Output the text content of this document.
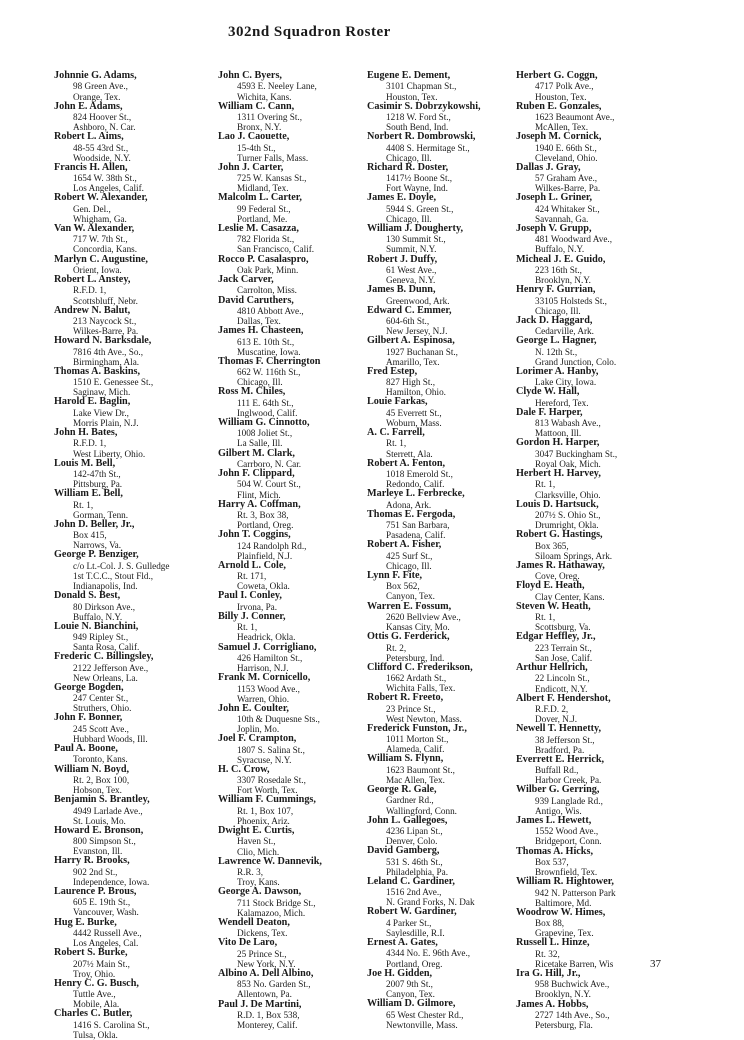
302nd Squadron Roster
Johnnie G. Adams,
98 Green Ave.,
Orange, Tex.
John E. Adams,
824 Hoover St.,
Ashboro, N. Car.
Robert L. Aims,
48-55 43rd St.,
Woodside, N.Y.
Francis H. Allen,
1654 W. 38th St.,
Los Angeles, Calif.
Robert W. Alexander,
Gen. Del.,
Whigham, Ga.
Van W. Alexander,
717 W. 7th St.,
Concordia, Kans.
Marlyn C. Augustine,
Orient, Iowa.
Robert L. Anstey,
R.F.D. 1,
Scottsbluff, Nebr.
Andrew N. Balut,
213 Naycock St.,
Wilkes-Barre, Pa.
Howard N. Barksdale,
7816 4th Ave., So.,
Birmingham, Ala.
Thomas A. Baskins,
1510 E. Genessee St.,
Saginaw, Mich.
Harold E. Baglin,
Lake View Dr.,
Morris Plain, N.J.
John H. Bates,
R.F.D. 1,
West Liberty, Ohio.
Louis M. Bell,
142-47th St.,
Pittsburg, Pa.
William E. Bell,
Rt. 1,
Gorman, Tenn.
John D. Beller, Jr.,
Box 415,
Narrows, Va.
George P. Benziger,
c/o Lt.-Col. J. S. Gulledge
1st T.C.C., Stout Fld.,
Indianapolis, Ind.
Donald S. Best,
80 Dirkson Ave.,
Buffalo, N.Y.
Louie N. Bianchini,
949 Ripley St.,
Santa Rosa, Calif.
Frederic C. Billingsley,
2122 Jefferson Ave.,
New Orleans, La.
George Bogden,
247 Center St.,
Struthers, Ohio.
John F. Bonner,
245 Scott Ave.,
Hubbard Woods, Ill.
Paul A. Boone,
Toronto, Kans.
William N. Boyd,
Rt. 2, Box 100,
Hobson, Tex.
Benjamin S. Brantley,
4949 Larlade Ave.,
St. Louis, Mo.
Howard E. Bronson,
800 Simpson St.,
Evanston, Ill.
Harry R. Brooks,
902 2nd St.,
Independence, Iowa.
Laurence P. Brous,
605 E. 19th St.,
Vancouver, Wash.
Hug E. Burke,
4442 Russell Ave.,
Los Angeles, Cal.
Robert S. Burke,
207½ Main St.,
Troy, Ohio.
Henry C. G. Busch,
Tuttle Ave.,
Mobile, Ala.
Charles C. Butler,
1416 S. Carolina St.,
Tulsa, Okla.
John C. Byers,
4593 E. Neeley Lane,
Wichita, Kans.
William C. Cann,
1311 Overing St.,
Bronx, N.Y.
Lao J. Caouette,
15-4th St.,
Turner Falls, Mass.
John J. Carter,
725 W. Kansas St.,
Midland, Tex.
Malcolm L. Carter,
99 Federal St.,
Portland, Me.
Leslie M. Casazza,
782 Florida St.,
San Francisco, Calif.
Rocco P. Casalaspro,
Oak Park, Minn.
Jack Carver,
Carrolton, Miss.
David Caruthers,
4810 Abbott Ave.,
Dallas, Tex.
James H. Chasteen,
613 E. 10th St.,
Muscatine, Iowa.
Thomas F. Cherrington
662 W. 116th St.,
Chicago, Ill.
Ross M. Chiles,
111 E. 64th St.,
Inglwood, Calif.
William G. Cinnotto,
1008 Joliet St.,
La Salle, Ill.
Gilbert M. Clark,
Carrboro, N. Car.
John F. Clippard,
504 W. Court St.,
Flint, Mich.
Harry A. Coffman,
Rt. 3, Box 38,
Portland, Oreg.
John T. Coggins,
124 Randolph Rd.,
Plainfield, N.J.
Arnold L. Cole,
Rt. 171,
Coweta, Okla.
Paul I. Conley,
Irvona, Pa.
Billy J. Conner,
Rt. 1,
Headrick, Okla.
Samuel J. Corrigliano,
426 Hamilton St.,
Harrison, N.J.
Frank M. Cornicello,
1153 Wood Ave.,
Warren, Ohio.
John E. Coulter,
10th & Duquesne Sts.,
Joplin, Mo.
Joel F. Crampton,
1807 S. Salina St.,
Syracuse, N.Y.
H. C. Crow,
3307 Rosedale St.,
Fort Worth, Tex.
William F. Cummings,
Rt. 1, Box 107,
Phoenix, Ariz.
Dwight E. Curtis,
Haven St.,
Clio, Mich.
Lawrence W. Dannevik,
R.R. 3,
Troy, Kans.
George A. Dawson,
711 Stock Bridge St.,
Kalamazoo, Mich.
Wendell Deaton,
Dickens, Tex.
Vito De Laro,
25 Prince St.,
New York, N.Y.
Albino A. Dell Albino,
853 No. Garden St.,
Allentown, Pa.
Paul J. De Martini,
R.D. 1, Box 538,
Monterey, Calif.
Eugene E. Dement,
3101 Chapman St.,
Houston, Tex.
Casimir S. Dobrzykowshi,
1218 W. Ford St.,
South Bend, Ind.
Norbert R. Dombrowski,
4408 S. Hermitage St.,
Chicago, Ill.
Richard R. Doster,
1417½ Boone St.,
Fort Wayne, Ind.
James E. Doyle,
5944 S. Green St.,
Chicago, Ill.
William J. Dougherty,
130 Summit St.,
Summit, N.Y.
Robert J. Duffy,
61 West Ave.,
Geneva, N.Y.
James B. Dunn,
Greenwood, Ark.
Edward C. Emmer,
604-6th St.,
New Jersey, N.J.
Gilbert A. Espinosa,
1927 Buchanan St.,
Amarillo, Tex.
Fred Estep,
827 High St.,
Hamilton, Ohio.
Louie Farkas,
45 Everrett St.,
Woburn, Mass.
A. C. Farrell,
Rt. 1,
Sterrett, Ala.
Robert A. Fenton,
1018 Emerold St.,
Redondo, Calif.
Marleye L. Ferbrecke,
Adona, Ark.
Thomas E. Fergoda,
751 San Barbara,
Pasadena, Calif.
Robert A. Fisher,
425 Surf St.,
Chicago, Ill.
Lynn F. Fite,
Box 562,
Canyon, Tex.
Warren E. Fossum,
2620 Bellview Ave.,
Kansas City, Mo.
Ottis G. Ferderick,
Rt. 2,
Petersburg, Ind.
Clifford C. Frederikson,
1662 Ardath St.,
Wichita Falls, Tex.
Robert R. Freeto,
23 Prince St.,
West Newton, Mass.
Frederick Funston, Jr.,
1011 Morton St.,
Alameda, Calif.
William S. Flynn,
1623 Baumont St.,
Mac Allen, Tex.
George R. Gale,
Gardner Rd.,
Wallingford, Conn.
John L. Gallegoes,
4236 Lipan St.,
Denver, Colo.
David Gamberg,
531 S. 46th St.,
Philadelphia, Pa.
Leland C. Gardiner,
1516 2nd Ave.,
N. Grand Forks, N. Dak
Robert W. Gardiner,
4 Parker St.,
Saylesdille, R.I.
Ernest A. Gates,
4344 No. E. 96th Ave.,
Portland, Oreg.
Joe H. Gidden,
2007 9th St.,
Canyon, Tex.
William D. Gilmore,
65 West Chester Rd.,
Newtonville, Mass.
Herbert G. Coggn,
4717 Polk Ave.,
Houston, Tex.
Ruben E. Gonzales,
1623 Beaumont Ave.,
McAllen, Tex.
Joseph M. Cornick,
1940 E. 66th St.,
Cleveland, Ohio.
Dallas J. Gray,
57 Graham Ave.,
Wilkes-Barre, Pa.
Joseph L. Griner,
424 Whitaker St.,
Savannah, Ga.
Joseph V. Grupp,
481 Woodward Ave.,
Buffalo, N.Y.
Micheal J. E. Guido,
223 16th St.,
Brooklyn, N.Y.
Henry F. Gurrian,
33105 Holsteds St.,
Chicago, Ill.
Jack D. Haggard,
Cedarville, Ark.
George L. Hagner,
N. 12th St.,
Grand Junction, Colo.
Lorimer A. Hanby,
Lake City, Iowa.
Clyde W. Hall,
Hereford, Tex.
Dale F. Harper,
813 Wabash Ave.,
Mattoon, Ill.
Gordon H. Harper,
3047 Buckingham St.,
Royal Oak, Mich.
Herbert H. Harvey,
Rt. 1,
Clarksville, Ohio.
Louis D. Hartsuck,
207½ S. Ohio St.,
Drumright, Okla.
Robert G. Hastings,
Box 365,
Siloam Springs, Ark.
James R. Hathaway,
Cove, Oreg.
Floyd E. Heath,
Clay Center, Kans.
Steven W. Heath,
Rt. 1,
Scottsburg, Va.
Edgar Heffley, Jr.,
223 Terrain St.,
San Jose, Calif.
Arthur Hellrich,
22 Lincoln St.,
Endicott, N.Y.
Albert F. Hendershot,
R.F.D. 2,
Dover, N.J.
Newell T. Hennetty,
38 Jefferson St.,
Bradford, Pa.
Everrett E. Herrick,
Buffall Rd.,
Harbor Creek, Pa.
Wilber G. Gerring,
939 Langlade Rd.,
Antigo, Wis.
James L. Hewett,
1552 Wood Ave.,
Bridgeport, Conn.
Thomas A. Hicks,
Box 537,
Brownfield, Tex.
William R. Hightower,
942 N. Patterson Park
Baltimore, Md.
Woodrow W. Himes,
Box 88,
Grapevine, Tex.
Russell L. Hinze,
Rt. 32,
Ricetake Barren, Wis
Ira G. Hill, Jr.,
958 Buchwick Ave.,
Brooklyn, N.Y.
James A. Hobbs,
2727 14th Ave., So.,
Petersburg, Fla.
37
